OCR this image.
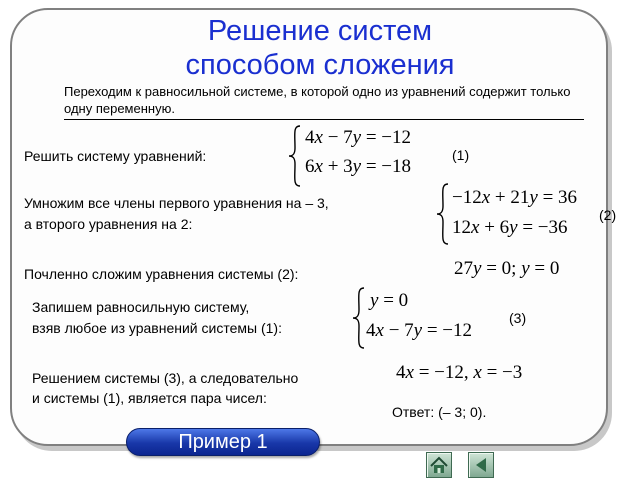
Решение систем
способом сложения
Переходим к равносильной системе, в которой одно из уравнений содержит только одну переменную.
Решить систему уравнений:
4x − 7y = −12
6x + 3y = −18
(1)
Умножим все члены первого уравнения на – 3,
а второго уравнения на 2:
−12x + 21y = 36
12x + 6y = −36
(2)
Почленно сложим уравнения системы (2):	27y = 0; y = 0
Запишем равносильную систему,
взяв любое из уравнений системы (1):
y = 0
4x − 7y = −12
(3)
Решением системы (3), а следовательно
и системы (1), является пара чисел:
4x = −12, x = −3
Ответ: (– 3; 0).
Пример 1
